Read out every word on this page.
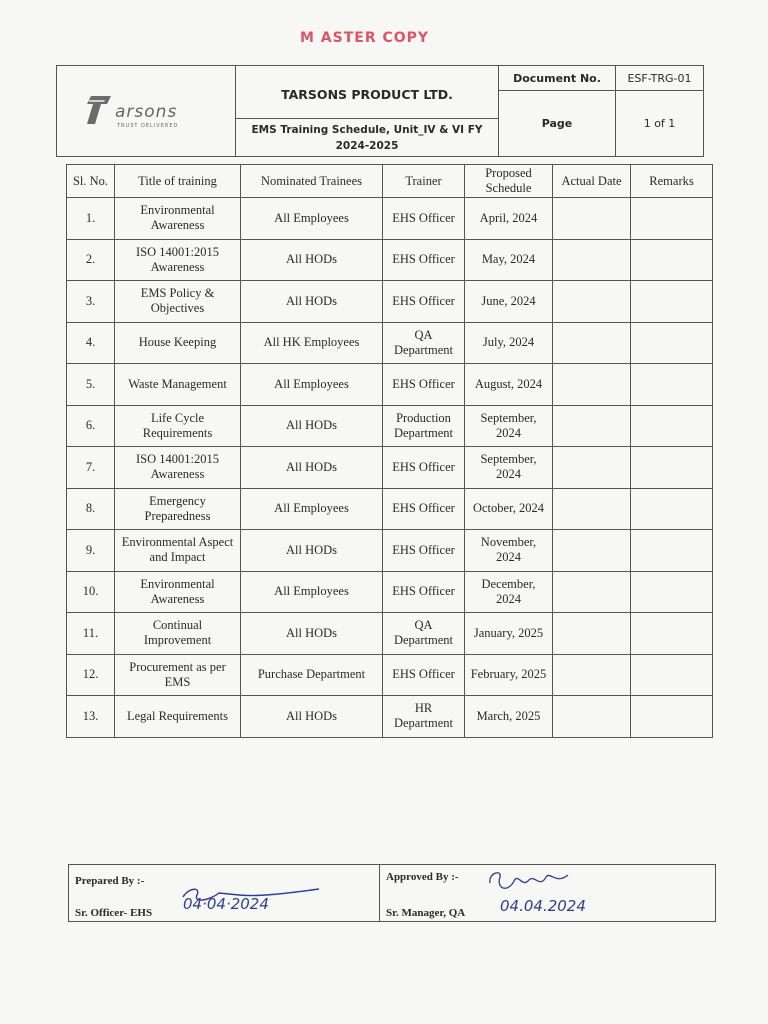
M ASTER COPY
arsons
TRUST DELIVERED
TARSONS PRODUCT LTD.
EMS Training Schedule, Unit_IV & VI FY 2024-2025
Document No.	ESF-TRG-01
Page	1 of 1
Sl. No.	Title of training	Nominated Trainees	Trainer	Proposed Schedule	Actual Date	Remarks
1.	Environmental Awareness	All Employees	EHS Officer	April, 2024		
2.	ISO 14001:2015 Awareness	All HODs	EHS Officer	May, 2024		
3.	EMS Policy & Objectives	All HODs	EHS Officer	June, 2024		
4.	House Keeping	All HK Employees	QA Department	July, 2024		
5.	Waste Management	All Employees	EHS Officer	August, 2024		
6.	Life Cycle Requirements	All HODs	Production Department	September, 2024		
7.	ISO 14001:2015 Awareness	All HODs	EHS Officer	September, 2024		
8.	Emergency Preparedness	All Employees	EHS Officer	October, 2024		
9.	Environmental Aspect and Impact	All HODs	EHS Officer	November, 2024		
10.	Environmental Awareness	All Employees	EHS Officer	December, 2024		
11.	Continual Improvement	All HODs	QA Department	January, 2025		
12.	Procurement as per EMS	Purchase Department	EHS Officer	February, 2025		
13.	Legal Requirements	All HODs	HR Department	March, 2025		
Prepared By :-
04·04·2024
Sr. Officer- EHS
Approved By :-
04.04.2024
Sr. Manager, QA
